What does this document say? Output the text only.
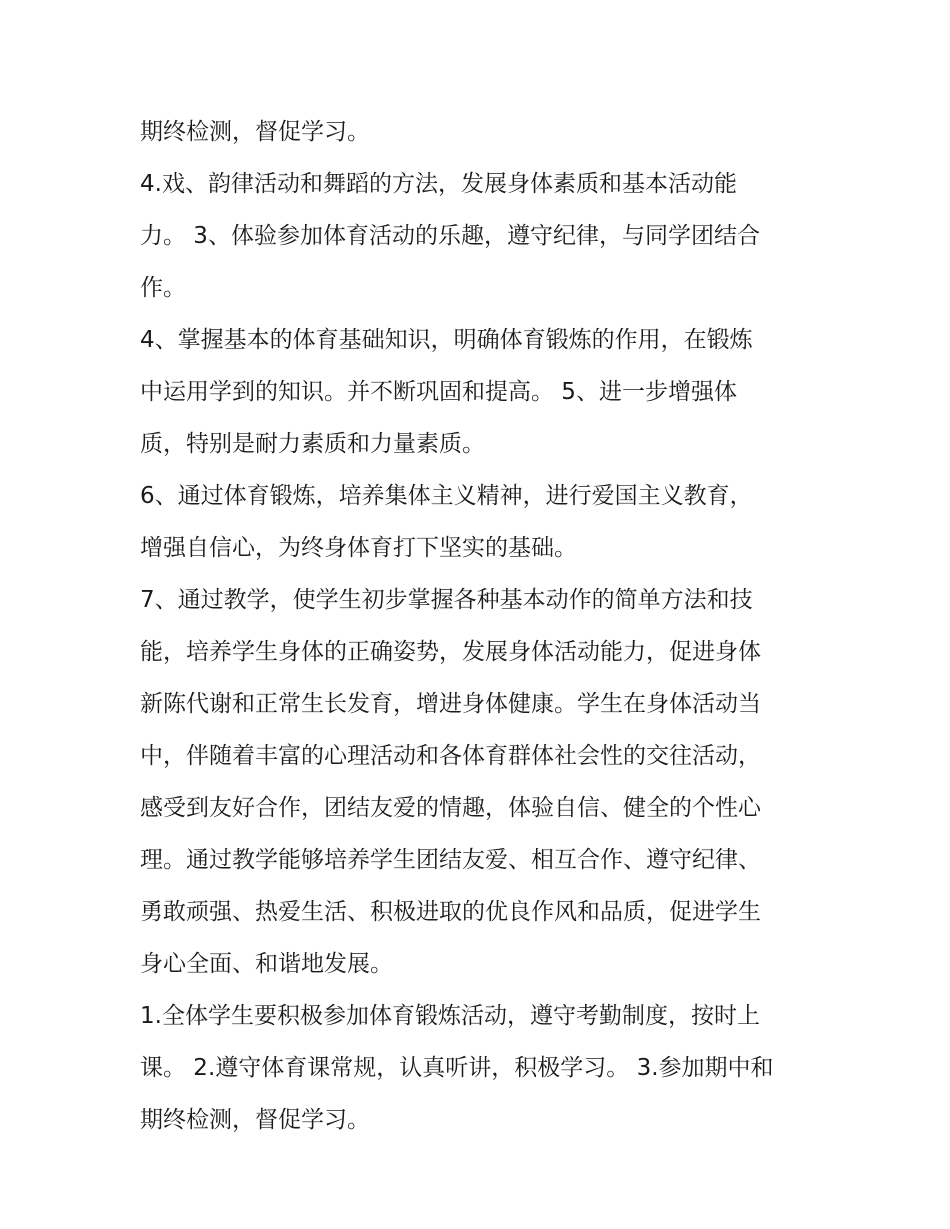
期终检测，督促学习。

4.戏、韵律活动和舞蹈的方法，发展身体素质和基本活动能

力。 3、体验参加体育活动的乐趣，遵守纪律，与同学团结合

作。

4、掌握基本的体育基础知识，明确体育锻炼的作用，在锻炼

中运用学到的知识。并不断巩固和提高。 5、进一步增强体

质，特别是耐力素质和力量素质。

6、通过体育锻炼，培养集体主义精神，进行爱国主义教育，

增强自信心，为终身体育打下坚实的基础。

7、通过教学，使学生初步掌握各种基本动作的简单方法和技

能，培养学生身体的正确姿势，发展身体活动能力，促进身体

新陈代谢和正常生长发育，增进身体健康。学生在身体活动当

中，伴随着丰富的心理活动和各体育群体社会性的交往活动，

感受到友好合作，团结友爱的情趣，体验自信、健全的个性心

理。通过教学能够培养学生团结友爱、相互合作、遵守纪律、

勇敢顽强、热爱生活、积极进取的优良作风和品质，促进学生

身心全面、和谐地发展。

1.全体学生要积极参加体育锻炼活动，遵守考勤制度，按时上

课。 2.遵守体育课常规，认真听讲，积极学习。 3.参加期中和

期终检测，督促学习。
